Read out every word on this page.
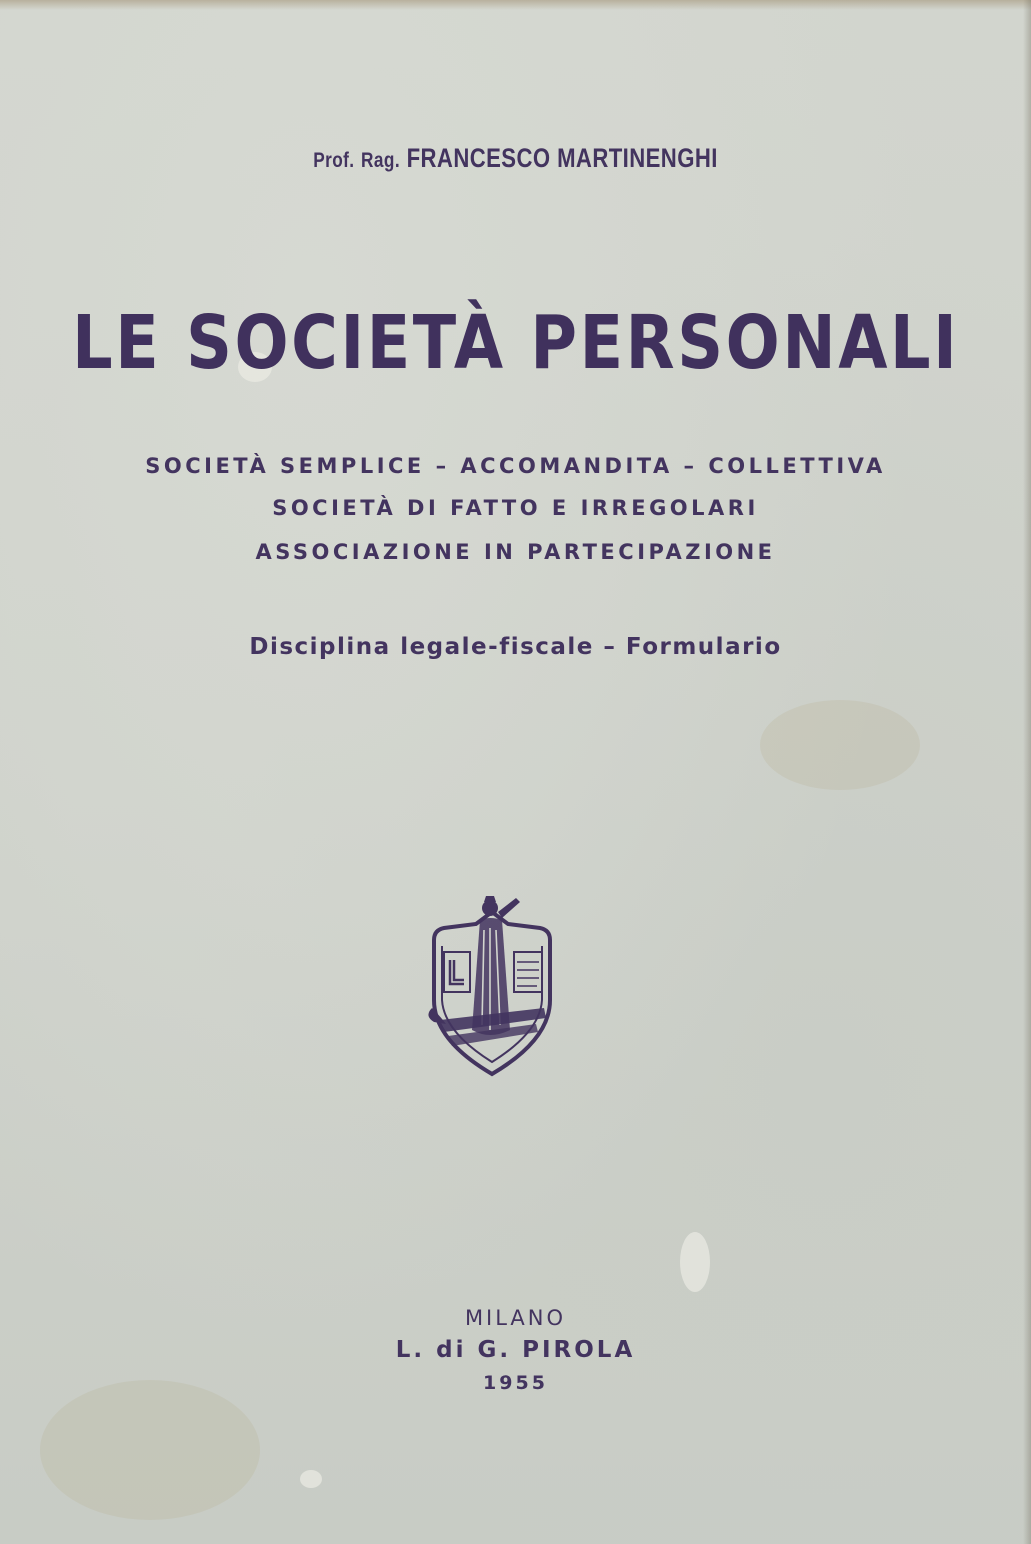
Prof. Rag. FRANCESCO MARTINENGHI
LE SOCIETÀ PERSONALI
SOCIETÀ SEMPLICE – ACCOMANDITA – COLLETTIVA
SOCIETÀ DI FATTO E IRREGOLARI
ASSOCIAZIONE IN PARTECIPAZIONE
Disciplina legale-fiscale – Formulario
MILANO
L. di G. PIROLA
1955
